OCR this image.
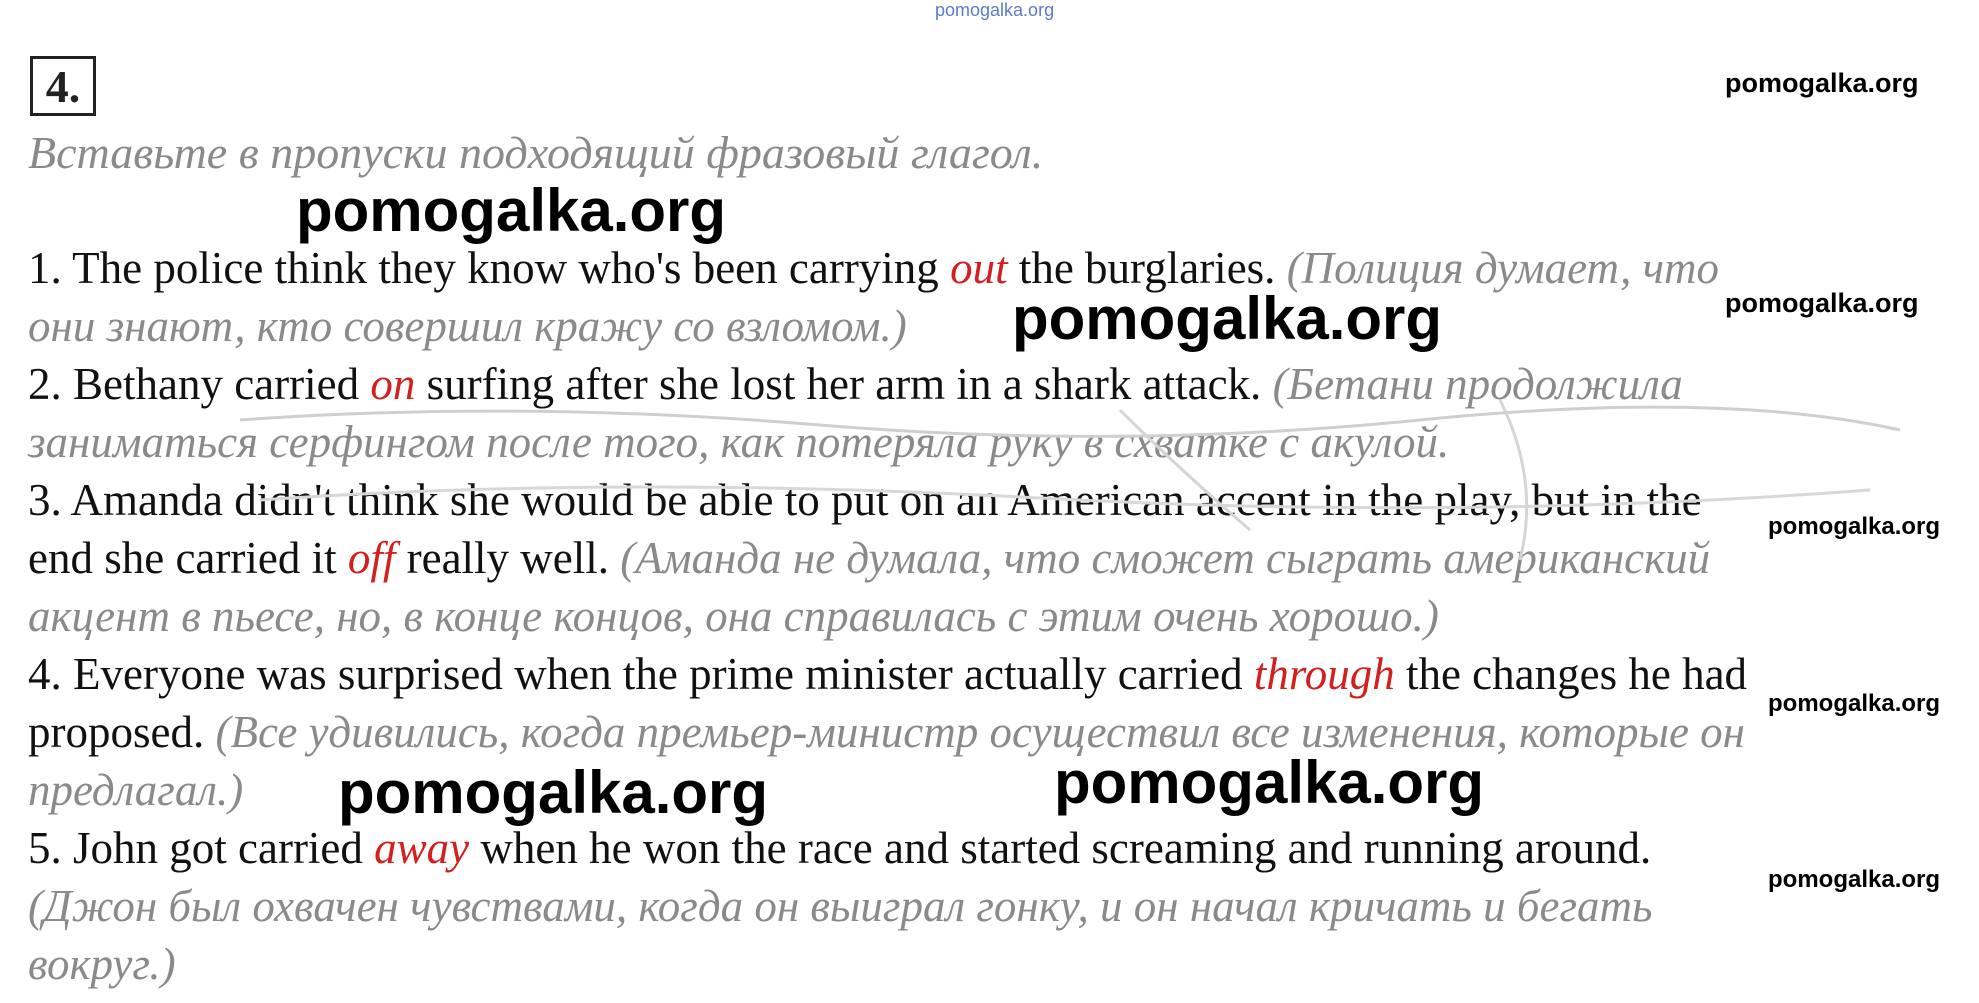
pomogalka.org
4.	pomogalka.org
Вставьте в пропуски подходящий фразовый глагол.
pomogalka.org
1. The police think they know who's been carrying out the burglaries. (Полиция думает, что
pomogalka.org
они знают, кто совершил кражу со взломом.) pomogalka.org
2. Bethany carried on surfing after she lost her arm in a shark attack. (Бетани продолжила
заниматься серфингом после того, как потеряла руку в схватке с акулой.
3. Amanda didn't think she would be able to put on an American accent in the play, but in the
pomogalka.org
end she carried it off really well. (Аманда не думала, что сможет сыграть американский
акцент в пьесе, но, в конце концов, она справилась с этим очень хорошо.)
4. Everyone was surprised when the prime minister actually carried through the changes he had
pomogalka.org
proposed. (Все удивились, когда премьер-министр осуществил все изменения, которые он
предлагал.) pomogalka.org	pomogalka.org
5. John got carried away when he won the race and started screaming and running around.
pomogalka.org
(Джон был охвачен чувствами, когда он выиграл гонку, и он начал кричать и бегать
вокруг.)
